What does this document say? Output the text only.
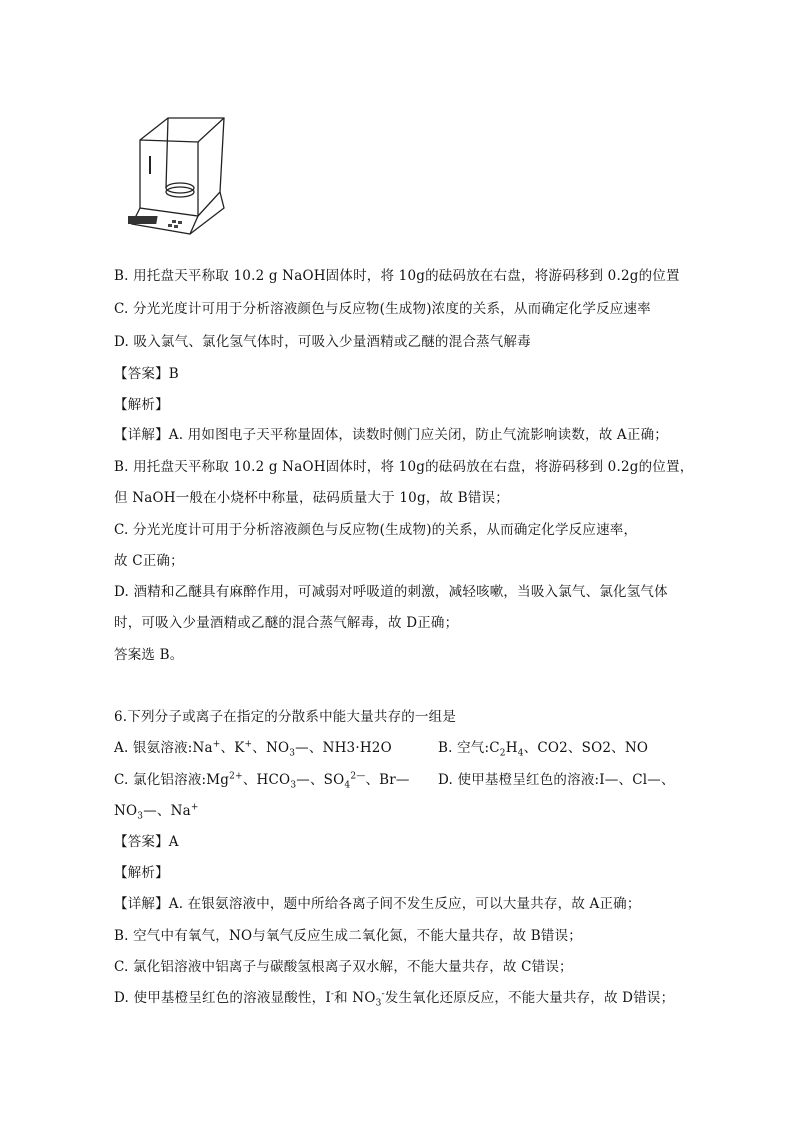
B. 用托盘天平称取 10.2 g NaOH固体时，将 10g的砝码放在右盘，将游码移到 0.2g的位置
C. 分光光度计可用于分析溶液颜色与反应物(生成物)浓度的关系，从而确定化学反应速率
D. 吸入氯气、氯化氢气体时，可吸入少量酒精或乙醚的混合蒸气解毒
【答案】B
【解析】
【详解】A. 用如图电子天平称量固体，读数时侧门应关闭，防止气流影响读数，故 A正确；
B. 用托盘天平称取 10.2 g NaOH固体时，将 10g的砝码放在右盘，将游码移到 0.2g的位置，
但 NaOH一般在小烧杯中称量，砝码质量大于 10g，故 B错误；
C. 分光光度计可用于分析溶液颜色与反应物(生成物)的关系，从而确定化学反应速率，
故 C正确；
D. 酒精和乙醚具有麻醉作用，可减弱对呼吸道的刺激，减轻咳嗽，当吸入氯气、氯化氢气体
时，可吸入少量酒精或乙醚的混合蒸气解毒，故 D正确；
答案选 B。
6.下列分子或离子在指定的分散系中能大量共存的一组是
A. 银氨溶液:Na+、K+、$NO_3—$、NH3·H2O	B. 空气$:C_2H_4$、CO2、SO2、NO
C. 氯化铝溶液$:Mg^{2+}$、$HCO_3—$、$SO_4^{2—}$、Br— D. 使甲基橙呈红色的溶液:I—、Cl—、
$NO_3—$、Na+
【答案】A
【解析】
【详解】A. 在银氨溶液中，题中所给各离子间不发生反应，可以大量共存，故 A正确；
B. 空气中有氧气，NO与氧气反应生成二氧化氮，不能大量共存，故 B错误；
C. 氯化铝溶液中铝离子与碳酸氢根离子双水解，不能大量共存，故 C错误；
D. 使甲基橙呈红色的溶液显酸性，I-和 $NO_3^-$发生氧化还原反应，不能大量共存，故 D错误；
